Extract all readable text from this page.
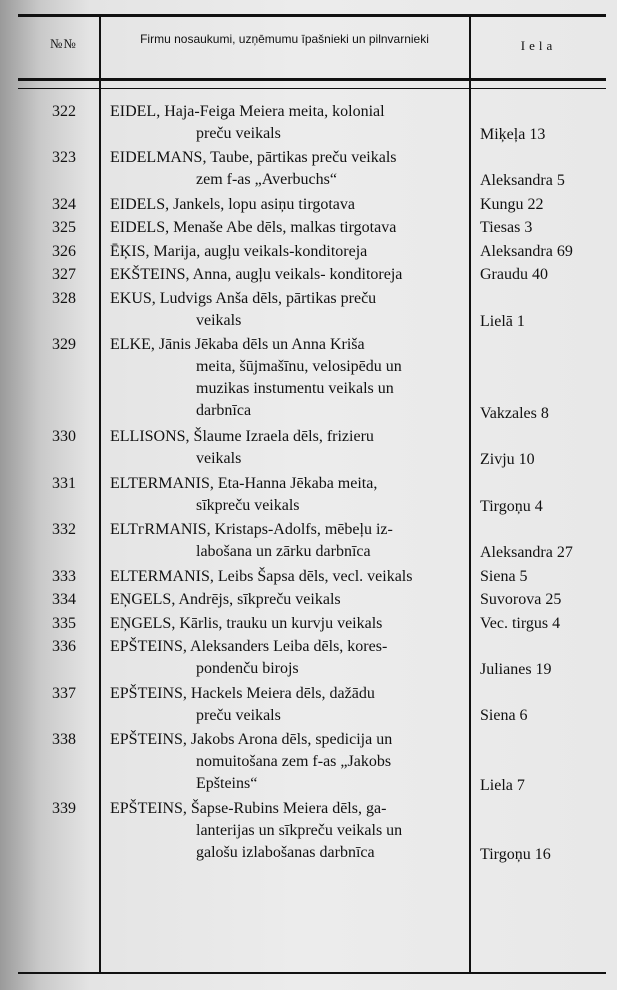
№№	Firmu nosaukumi, uzņēmumu īpašnieki un pilnvarnieki	Iela
322	EIDEL, Haja-Feiga Meiera meita, kolonial
preču veikals	Miķeļa 13
323	EIDELMANS, Taube, pārtikas preču veikals
zem f-as „Averbuchs“	Aleksandra 5
324	EIDELS, Jankels, lopu asiņu tirgotava	Kungu 22
325	EIDELS, Menaše Abe dēls, malkas tirgotava	Tiesas 3
326	ĒĶIS, Marija, augļu veikals-konditoreja	Aleksandra 69
327	EKŠTEINS, Anna, augļu veikals- konditoreja	Graudu 40
328	EKUS, Ludvigs Anša dēls, pārtikas preču
veikals	Lielā 1
329	ELKE, Jānis Jēkaba dēls un Anna Kriša
meita, šūjmašīnu, velosipēdu un
muzikas instumentu veikals un
darbnīca	Vakzales 8
330	ELLISONS, Šlaume Izraela dēls, frizieru
veikals	Zivju 10
331	ELTERMANIS, Eta-Hanna Jēkaba meita,
sīkpreču veikals	Tirgoņu 4
332	ELTᴦRMANIS, Kristaps-Adolfs, mēbeļu iz-
labošana un zārku darbnīca	Aleksandra 27
333	ELTERMANIS, Leibs Šapsa dēls, vecl. veikals	Siena 5
334	EŅGELS, Andrējs, sīkpreču veikals	Suvorova 25
335	EŅGELS, Kārlis, trauku un kurvju veikals	Vec. tirgus 4
336	EPŠTEINS, Aleksanders Leiba dēls, kores-
pondenču birojs	Julianes 19
337	EPŠTEINS, Hackels Meiera dēls, dažādu
preču veikals	Siena 6
338	EPŠTEINS, Jakobs Arona dēls, spedicija un
nomuitošana zem f-as „Jakobs
Epšteins“	Liela 7
339	EPŠTEINS, Šapse-Rubins Meiera dēls, ga-
lanterijas un sīkpreču veikals un
galošu izlabošanas darbnīca	Tirgoņu 16
